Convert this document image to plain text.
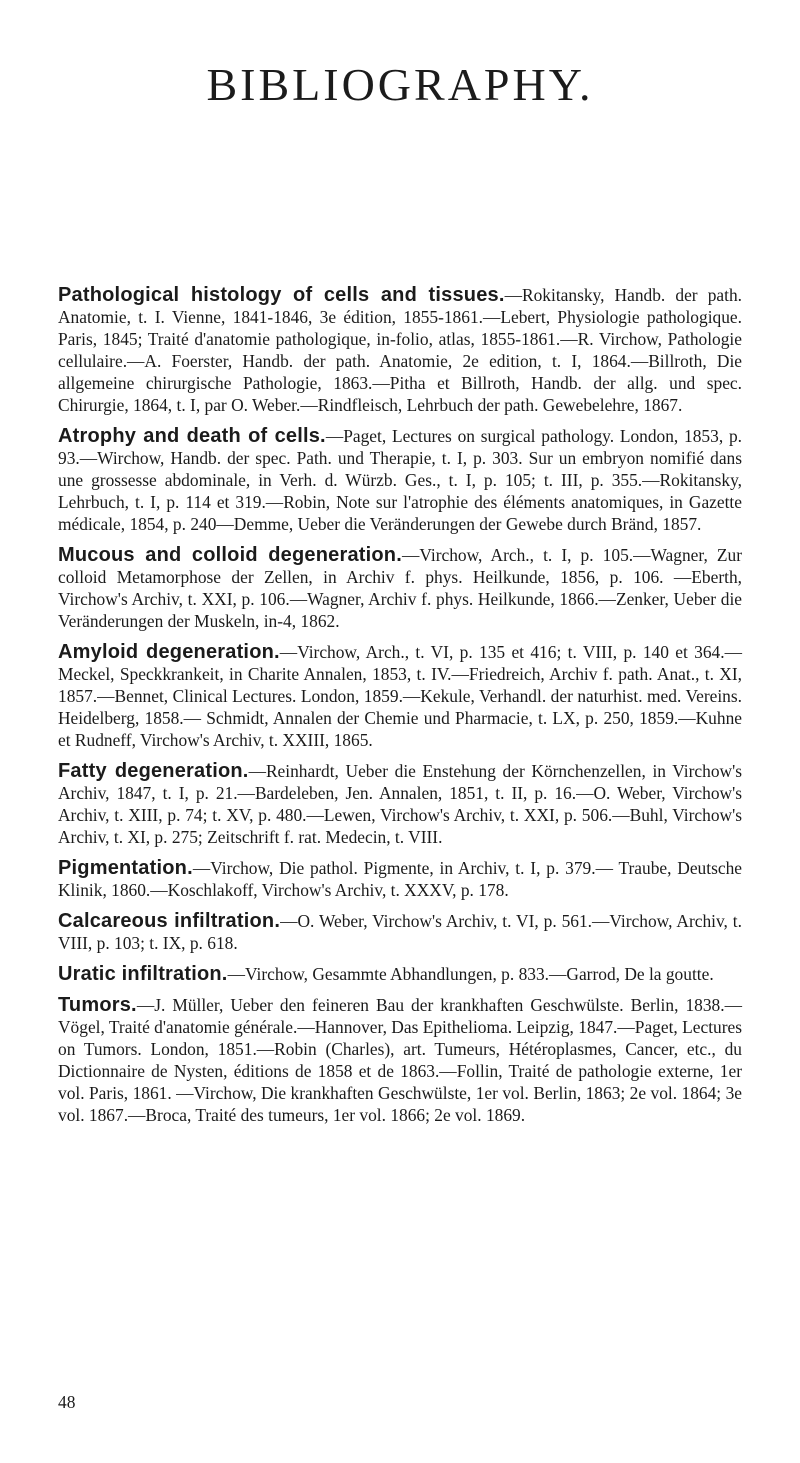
BIBLIOGRAPHY.

Pathological histology of cells and tissues.—Rokitansky, Handb. der path. Anatomie, t. I. Vienne, 1841-1846, 3e édition, 1855-1861.—Lebert, Physiologie pathologique. Paris, 1845; Traité d'anatomie pathologique, in-folio, atlas, 1855-1861.—R. Virchow, Pathologie cellulaire.—A. Foerster, Handb. der path. Anatomie, 2e edition, t. I, 1864.—Billroth, Die allgemeine chirurgische Pathologie, 1863.—Pitha et Billroth, Handb. der allg. und spec. Chirurgie, 1864, t. I, par O. Weber.—Rindfleisch, Lehrbuch der path. Gewebelehre, 1867.

Atrophy and death of cells.—Paget, Lectures on surgical pathology. London, 1853, p. 93.—Wirchow, Handb. der spec. Path. und Therapie, t. I, p. 303. Sur un embryon nomifié dans une grossesse abdominale, in Verh. d. Würzb. Ges., t. I, p. 105; t. III, p. 355.—Rokitansky, Lehrbuch, t. I, p. 114 et 319.—Robin, Note sur l'atrophie des éléments anatomiques, in Gazette médicale, 1854, p. 240—Demme, Ueber die Veränderungen der Gewebe durch Bränd, 1857.

Mucous and colloid degeneration.—Virchow, Arch., t. I, p. 105.—Wagner, Zur colloid Metamorphose der Zellen, in Archiv f. phys. Heilkunde, 1856, p. 106. —Eberth, Virchow's Archiv, t. XXI, p. 106.—Wagner, Archiv f. phys. Heilkunde, 1866.—Zenker, Ueber die Veränderungen der Muskeln, in-4, 1862.

Amyloid degeneration.—Virchow, Arch., t. VI, p. 135 et 416; t. VIII, p. 140 et 364.—Meckel, Speckkrankeit, in Charite Annalen, 1853, t. IV.—Friedreich, Archiv f. path. Anat., t. XI, 1857.—Bennet, Clinical Lectures. London, 1859.—Kekule, Verhandl. der naturhist. med. Vereins. Heidelberg, 1858.— Schmidt, Annalen der Chemie und Pharmacie, t. LX, p. 250, 1859.—Kuhne et Rudneff, Virchow's Archiv, t. XXIII, 1865.

Fatty degeneration.—Reinhardt, Ueber die Enstehung der Körnchenzellen, in Virchow's Archiv, 1847, t. I, p. 21.—Bardeleben, Jen. Annalen, 1851, t. II, p. 16.—O. Weber, Virchow's Archiv, t. XIII, p. 74; t. XV, p. 480.—Lewen, Virchow's Archiv, t. XXI, p. 506.—Buhl, Virchow's Archiv, t. XI, p. 275; Zeitschrift f. rat. Medecin, t. VIII.

Pigmentation.—Virchow, Die pathol. Pigmente, in Archiv, t. I, p. 379.— Traube, Deutsche Klinik, 1860.—Koschlakoff, Virchow's Archiv, t. XXXV, p. 178.

Calcareous infiltration.—O. Weber, Virchow's Archiv, t. VI, p. 561.—Virchow, Archiv, t. VIII, p. 103; t. IX, p. 618.

Uratic infiltration.—Virchow, Gesammte Abhandlungen, p. 833.—Garrod, De la goutte.

Tumors.—J. Müller, Ueber den feineren Bau der krankhaften Geschwülste. Berlin, 1838.—Vögel, Traité d'anatomie générale.—Hannover, Das Epithelioma. Leipzig, 1847.—Paget, Lectures on Tumors. London, 1851.—Robin (Charles), art. Tumeurs, Hétéroplasmes, Cancer, etc., du Dictionnaire de Nysten, éditions de 1858 et de 1863.—Follin, Traité de pathologie externe, 1er vol. Paris, 1861. —Virchow, Die krankhaften Geschwülste, 1er vol. Berlin, 1863; 2e vol. 1864; 3e vol. 1867.—Broca, Traité des tumeurs, 1er vol. 1866; 2e vol. 1869.

48
